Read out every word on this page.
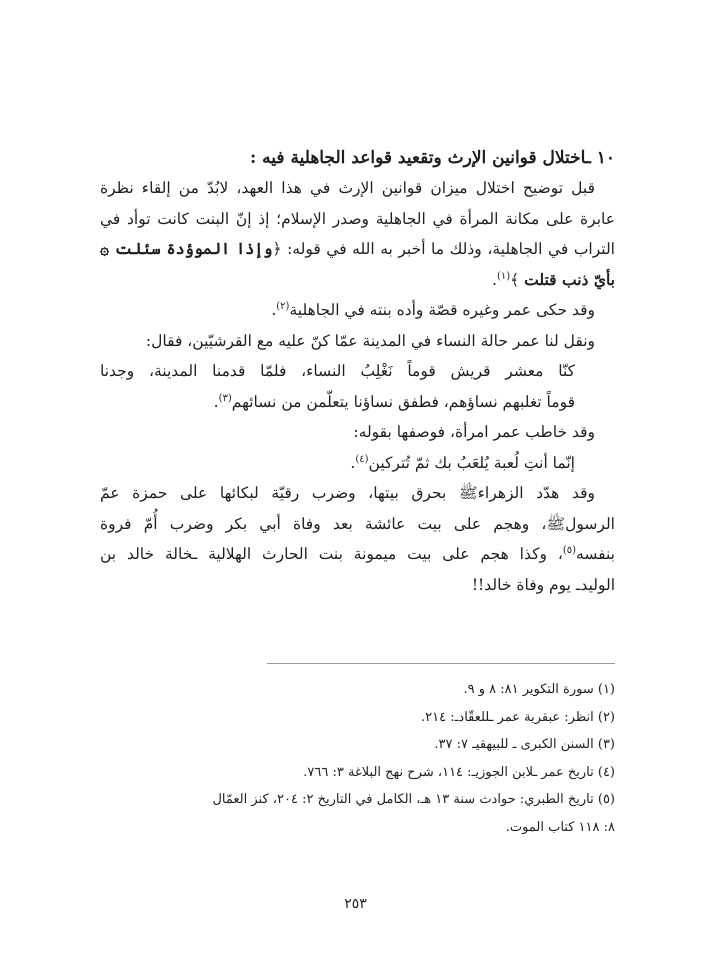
١٠ ـاختلال قوانين الإرث وتقعيد قواعد الجاهلية فيه :

قبل توضيح اختلال ميزان قوانين الإرث في هذا العهد، لابُدّ من إلقاء نظرة
عابرة على مكانة المرأة في الجاهلية وصدر الإسلام؛ إذ إنّ البنت كانت توأد في
التراب في الجاهلية، وذلك ما أخبر به الله في قوله: ﴿وإذا الموؤدة سئلت ۞
بأيّ ذنب قتلت ﴾$^{(١)}$.
وقد حكى عمر وغيره قصّة وأده بنته في الجاهلية$^{(٢)}$.
ونقل لنا عمر حالة النساء في المدينة عمّا كنّ عليه مع القرشيّين، فقال:
كنّا معشر قريش قوماً نَغْلِبُ النساء، فلمّا قدمنا المدينة، وجدنا
قوماً تغلبهم نساؤهم، فطفق نساؤنا يتعلّمن من نسائهم$^{(٣)}$.
وقد خاطب عمر امرأة، فوصفها بقوله:
إنّما أنتِ لُعبة يُلعَبُ بك ثمّ تُتركين$^{(٤)}$.
وقد هدّد الزهراءﷺ بحرق بيتها، وضرب رقيّة لبكائها على حمزة عمّ
الرسولﷺ، وهجم على بيت عائشة بعد وفاة أبي بكر وضرب أُمّ فروة
بنفسه$^{(٥)}$، وكذا هجم على بيت ميمونة بنت الحارث الهلالية ـخالة خالد بن
الوليدـ يوم وفاة خالد!!
(١) سورة التكوير ٨١: ٨ و ٩.
(٢) انظر: عبقرية عمر ـللعقّادـ: ٢١٤.
(٣) السنن الكبرى ـ للبيهقيـ ٧: ٣٧.
(٤) تاريخ عمر ـلابن الجوزيـ: ١١٤، شرح نهج البلاغة ٣: ٧٦٦.
(٥) تاريخ الطبري: حوادث سنة ١٣ هـ، الكامل في التاريخ ٢: ٢٠٤، كنز العمّال
٨: ١١٨ كتاب الموت.
٢٥٣
